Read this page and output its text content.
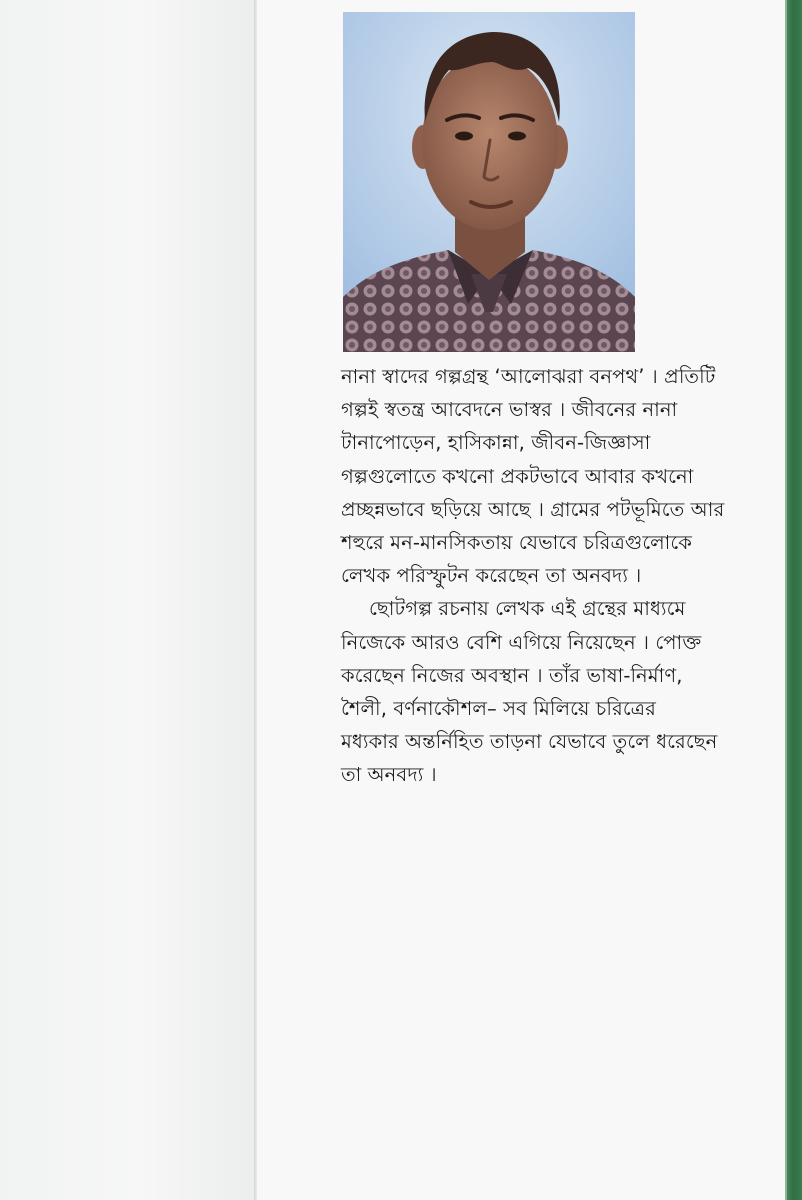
নানা স্বাদের গল্পগ্রন্থ ‘আলোঝরা বনপথ’ । প্রতিটি
গল্পই স্বতন্ত্র আবেদনে ভাস্বর । জীবনের নানা
টানাপোড়েন, হাসিকান্না, জীবন-জিজ্ঞাসা
গল্পগুলোতে কখনো প্রকটভাবে আবার কখনো
প্রচ্ছন্নভাবে ছড়িয়ে আছে । গ্রামের পটভূমিতে আর
শহুরে মন-মানসিকতায় যেভাবে চরিত্রগুলোকে
লেখক পরিস্ফুটন করেছেন তা অনবদ্য ।
ছোটগল্প রচনায় লেখক এই গ্রন্থের মাধ্যমে
নিজেকে আরও বেশি এগিয়ে নিয়েছেন । পোক্ত
করেছেন নিজের অবস্থান । তাঁর ভাষা-নির্মাণ,
শৈলী, বর্ণনাকৌশল– সব মিলিয়ে চরিত্রের
মধ্যকার অন্তর্নিহিত তাড়না যেভাবে তুলে ধরেছেন
তা অনবদ্য ।
